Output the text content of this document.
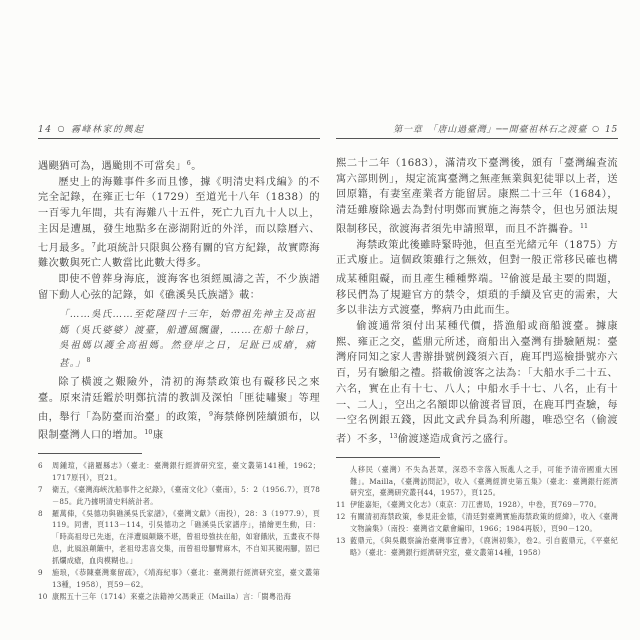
14 ○ 霧峰林家的興起

遇颶猶可為，遇颱則不可當矣」$^6$。

歷史上的海難事件多而且慘，據《明清史料戊編》的不完全記錄，在雍正七年（1729）至道光十八年（1838）的一百零九年間，共有海難八十五件，死亡九百九十人以上，主因是遭風，發生地點多在澎湖附近的外洋，而以陰曆六、七月最多。$^7$此項統計只限與公務有關的官方紀錄，故實際海難次數與死亡人數當比此數大得多。

即使不曾葬身海底，渡海客也須經風濤之苦，不少族譜留下動人心弦的記錄，如《礁溪吳氏族譜》載：

「……吳氏……至乾隆四十三年，始帶祖先神主及高祖媽（吳氏婆婆）渡臺，船遭風飄盪，……在船十餘日，吳祖媽以護全高祖媽。然登岸之日，足趾已成瘡，痛甚。」$^8$

除了橫渡之艱險外，清初的海禁政策也有礙移民之來臺。原來清廷鑑於明鄭抗清的教訓及深怕「匪徒嘯聚」等理由，舉行「為防臺而治臺」的政策，$^9$海禁條例陸續頒布，以限制臺灣人口的增加。$^{10}$康

6	周鍾瑄，《諸羅縣志》（臺北：臺灣銀行經濟研究室，臺文叢第141種，1962；1717原刊），頁21。
7	衛五，《臺灣海峽沈船事件之紀錄》，《臺南文化》（臺南），5：2（1956.7），頁78－85。此乃據明清史料統計者。
8	羅萬俥，《吳德功與礁溪吳氏家譜》，《臺灣文獻》（南投），28：3（1977.9），頁119。同書，頁113－114，引吳德功之「礁溪吳氏家譜序」，描繪更生動，曰：「時高祖母已先逝，在洋遭風顛簸不堪，曾祖母強扶在船，如窘餓狀，五晝夜不得息，此風浪顛簸中，老祖母悲喜交集，而曾祖母腳臂麻木，不自知其親兩腳，固已抓爛成瘡，血肉模糊也。」
9	施琅，《恭陳臺灣棄留疏》，《靖海紀事》（臺北：臺灣銀行經濟研究室，臺文叢第13種，1958），頁59－62。
10 康熙五十三年（1714）來臺之法籍神父馮秉正（Mailla）言：「閩粵沿海
第一章 「唐山過臺灣」──開臺祖林石之渡臺 ○ 15

熙二十二年（1683），滿清攻下臺灣後，頒有「臺灣編查流寓六部則例」，規定流寓臺灣之無產無業與犯徒罪以上者，送回原籍，有妻室產業者方能留居。康熙二十三年（1684），清廷雖廢除過去為對付明鄭而實施之海禁令，但也另頒法規限制移民，欲渡海者須先申請照單，而且不許攜眷。$^{11}$

海禁政策此後雖時緊時弛，但直至光緒元年（1875）方正式廢止。這個政策雖行之無效，但對一般正常移民確也構成某種阻礙，而且產生種種弊端。$^{12}$偷渡是最主要的問題，移民們為了規避官方的禁令，煩瑣的手續及官吏的需索，大多以非法方式渡臺，弊病乃由此而生。

偷渡通常須付出某種代價，搭漁船或商船渡臺。據康熙、雍正之交，藍鼎元所述，商船出入臺灣有掛驗陋規：臺灣府同知之家人書辦掛號例錢須六百，鹿耳門巡檢掛號亦六百，另有驗船之禮。搭載偷渡客之法為：「大船水手二十五、六名，實在止有十七、八人；中船水手十七、八名，止有十一、二人」，空出之名額即以偷渡者冒頂，在鹿耳門查驗，每一空名例銀五錢，因此文武弁員為利所趨，唯恐空名（偷渡者）不多，$^{13}$偷渡遂造成貪污之盛行。

人移民（臺灣）不失為甚眾，深恐不幸落入叛亂人之手，可能予清帝國重大困難」。Mailla，《臺灣訪問記》，收入《臺灣經濟史第五集》（臺北：臺灣銀行經濟研究室，臺灣研究叢刊44，1957），頁125。
11 伊能嘉矩，《臺灣文化志》（東京：刀江書局，1928），中卷，頁769－770。
12 有關清初海禁政策，參見莊金德，《清廷對臺灣實施海禁政策的經緯》，收入《臺灣文物論集》（南投：臺灣省文獻會編印，1966；1984再版），頁90－120。
13 藍鼎元，《與吳觀察論治臺灣事宜書》，《鹿洲初集》，卷2。引自藍鼎元，《平臺紀略》（臺北：臺灣銀行經濟研究室，臺文叢第14種，1958）
